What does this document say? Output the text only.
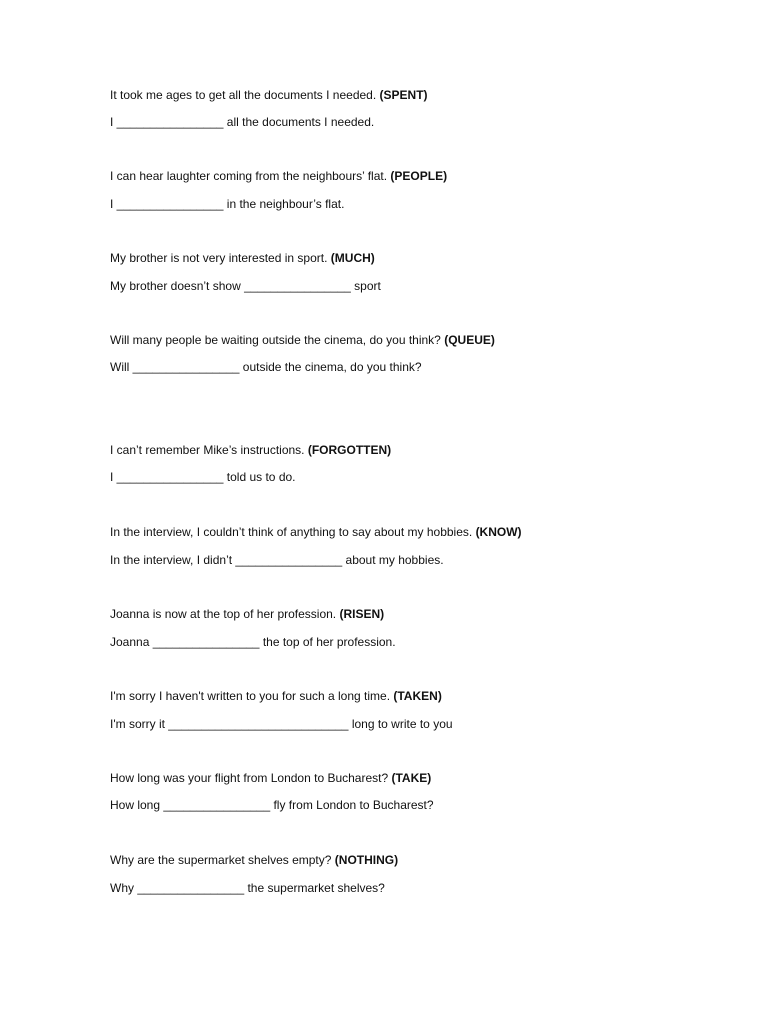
It took me ages to get all the documents I needed. (SPENT)
I ________________ all the documents I needed.
I can hear laughter coming from the neighbours’ flat. (PEOPLE)
I ________________ in the neighbour’s flat.
My brother is not very interested in sport. (MUCH)
My brother doesn’t show ________________ sport
Will many people be waiting outside the cinema, do you think? (QUEUE)
Will ________________ outside the cinema, do you think?
I can’t remember Mike’s instructions. (FORGOTTEN)
I ________________ told us to do.
In the interview, I couldn’t think of anything to say about my hobbies. (KNOW)
In the interview, I didn’t ________________ about my hobbies.
Joanna is now at the top of her profession. (RISEN)
Joanna ________________ the top of her profession.
I'm sorry I haven't written to you for such a long time. (TAKEN)
I'm sorry it ___________________________ long to write to you
How long was your flight from London to Bucharest? (TAKE)
How long ________________ fly from London to Bucharest?
Why are the supermarket shelves empty? (NOTHING)
Why ________________ the supermarket shelves?
